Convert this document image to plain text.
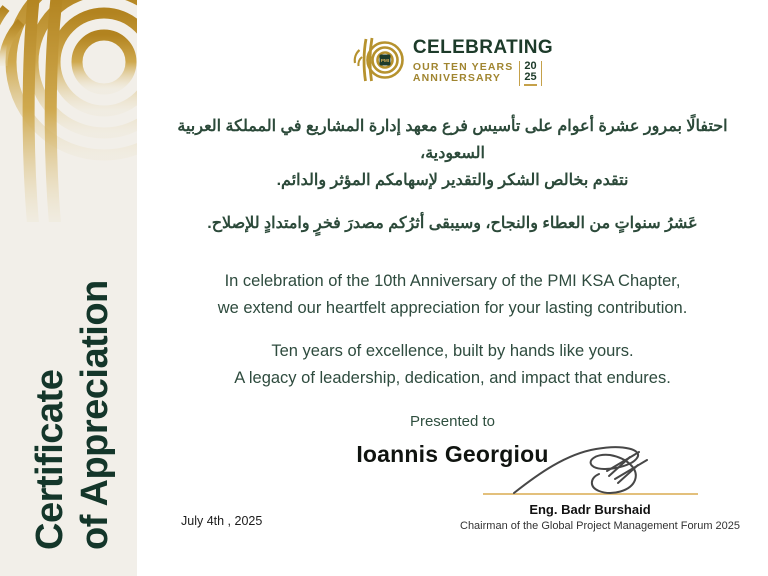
Certificate of Appreciation
PMI
CELEBRATING
OUR TEN YEARS
ANNIVERSARY
20
25
احتفالًا بمرور عشرة أعوام على تأسيس فرع معهد إدارة المشاريع في المملكة العربية السعودية،
نتقدم بخالص الشكر والتقدير لإسهامكم المؤثر والدائم.
عَشرُ سنواتٍ من العطاء والنجاح، وسيبقى أثرُكم مصدرَ فخرٍ وامتدادٍ للإصلاح.
In celebration of the 10th Anniversary of the PMI KSA Chapter,
we extend our heartfelt appreciation for your lasting contribution.
Ten years of excellence, built by hands like yours.
A legacy of leadership, dedication, and impact that endures.
Presented to
Ioannis Georgiou
July 4th , 2025
Eng. Badr Burshaid
Chairman of the Global Project Management Forum 2025
